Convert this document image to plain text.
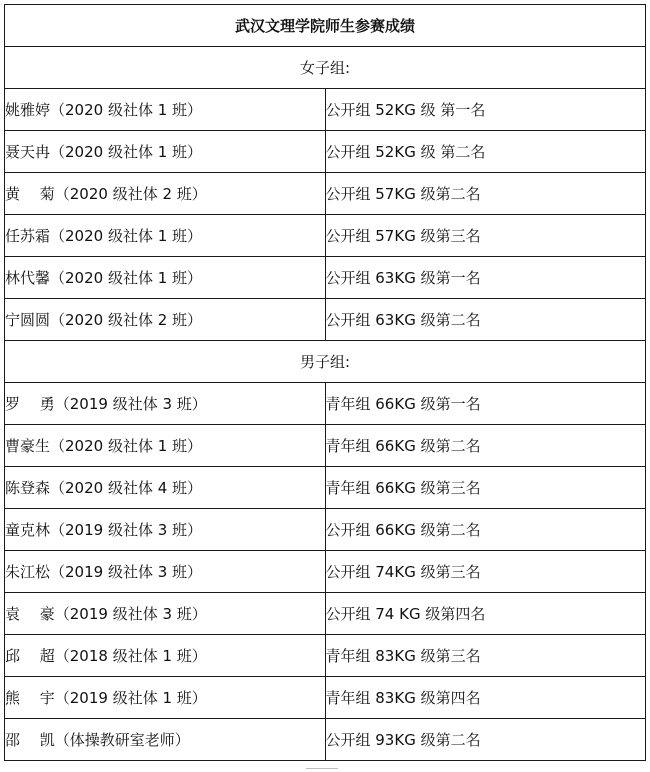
武汉文理学院师生参赛成绩	
女子组:	
姚雅婷（2020 级社体 1 班）	公开组 52KG 级 第一名
聂天冉（2020 级社体 1 班）	公开组 52KG 级 第二名
黄　 菊（2020 级社体 2 班）	公开组 57KG 级第二名
任苏霜（2020 级社体 1 班）	公开组 57KG 级第三名
林代馨（2020 级社体 1 班）	公开组 63KG 级第一名
宁圆圆（2020 级社体 2 班）	公开组 63KG 级第二名
男子组:	
罗　 勇（2019 级社体 3 班）	青年组 66KG 级第一名
曹豪生（2020 级社体 1 班）	青年组 66KG 级第二名
陈登森（2020 级社体 4 班）	青年组 66KG 级第三名
童克林（2019 级社体 3 班）	公开组 66KG 级第二名
朱江松（2019 级社体 3 班）	公开组 74KG 级第三名
袁　 豪（2019 级社体 3 班）	公开组 74 KG 级第四名
邱　 超（2018 级社体 1 班）	青年组 83KG 级第三名
熊　 宇（2019 级社体 1 班）	青年组 83KG 级第四名
邵　 凯（体操教研室老师）	公开组 93KG 级第二名
